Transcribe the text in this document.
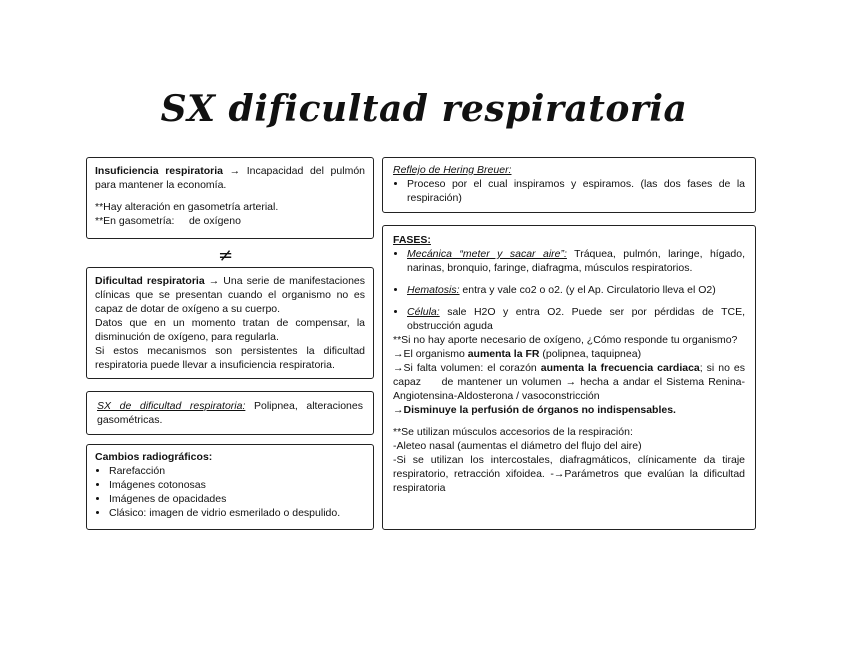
SX dificultad respiratoria

Insuficiencia respiratoria → Incapacidad del pulmón para mantener la economía.

**Hay alteración en gasometría arterial.

**En gasometría:     de oxígeno

≠

Dificultad respiratoria → Una serie de manifestaciones clínicas que se presentan cuando el organismo no es capaz de dotar de oxígeno a su cuerpo.

Datos que en un momento tratan de compensar, la disminución de oxígeno, para regularla.

Si estos mecanismos son persistentes la dificultad respiratoria puede llevar a insuficiencia respiratoria.

SX de dificultad respiratoria: Polipnea, alteraciones gasométricas.

Cambios radiográficos:

• Rarefacción
• Imágenes cotonosas
• Imágenes de opacidades
• Clásico: imagen de vidrio esmerilado o despulido.

Reflejo de Hering Breuer:

• Proceso por el cual inspiramos y espiramos. (las dos fases de la respiración)

FASES:

• Mecánica “meter y sacar aire”: Tráquea, pulmón, laringe, hígado, narinas, bronquio, faringe, diafragma, músculos respiratorios.
• Hematosis: entra y vale co2 o o2. (y el Ap. Circulatorio lleva el O2)
• Célula: sale H2O y entra O2. Puede ser por pérdidas de TCE, obstrucción aguda

**Si no hay aporte necesario de oxígeno, ¿Cómo responde tu organismo?

→El organismo aumenta la FR (polipnea, taquipnea)

→Si falta volumen: el corazón aumenta la frecuencia cardiaca; si no es capaz     de mantener un volumen → hecha a andar el Sistema Renina-Angiotensina-Aldosterona / vasoconstricción

→Disminuye la perfusión de órganos no indispensables.

**Se utilizan músculos accesorios de la respiración:

-Aleteo nasal (aumentas el diámetro del flujo del aire)

-Si se utilizan los intercostales, diafragmáticos, clínicamente da tiraje respiratorio, retracción xifoidea. -→Parámetros que evalúan la dificultad respiratoria
